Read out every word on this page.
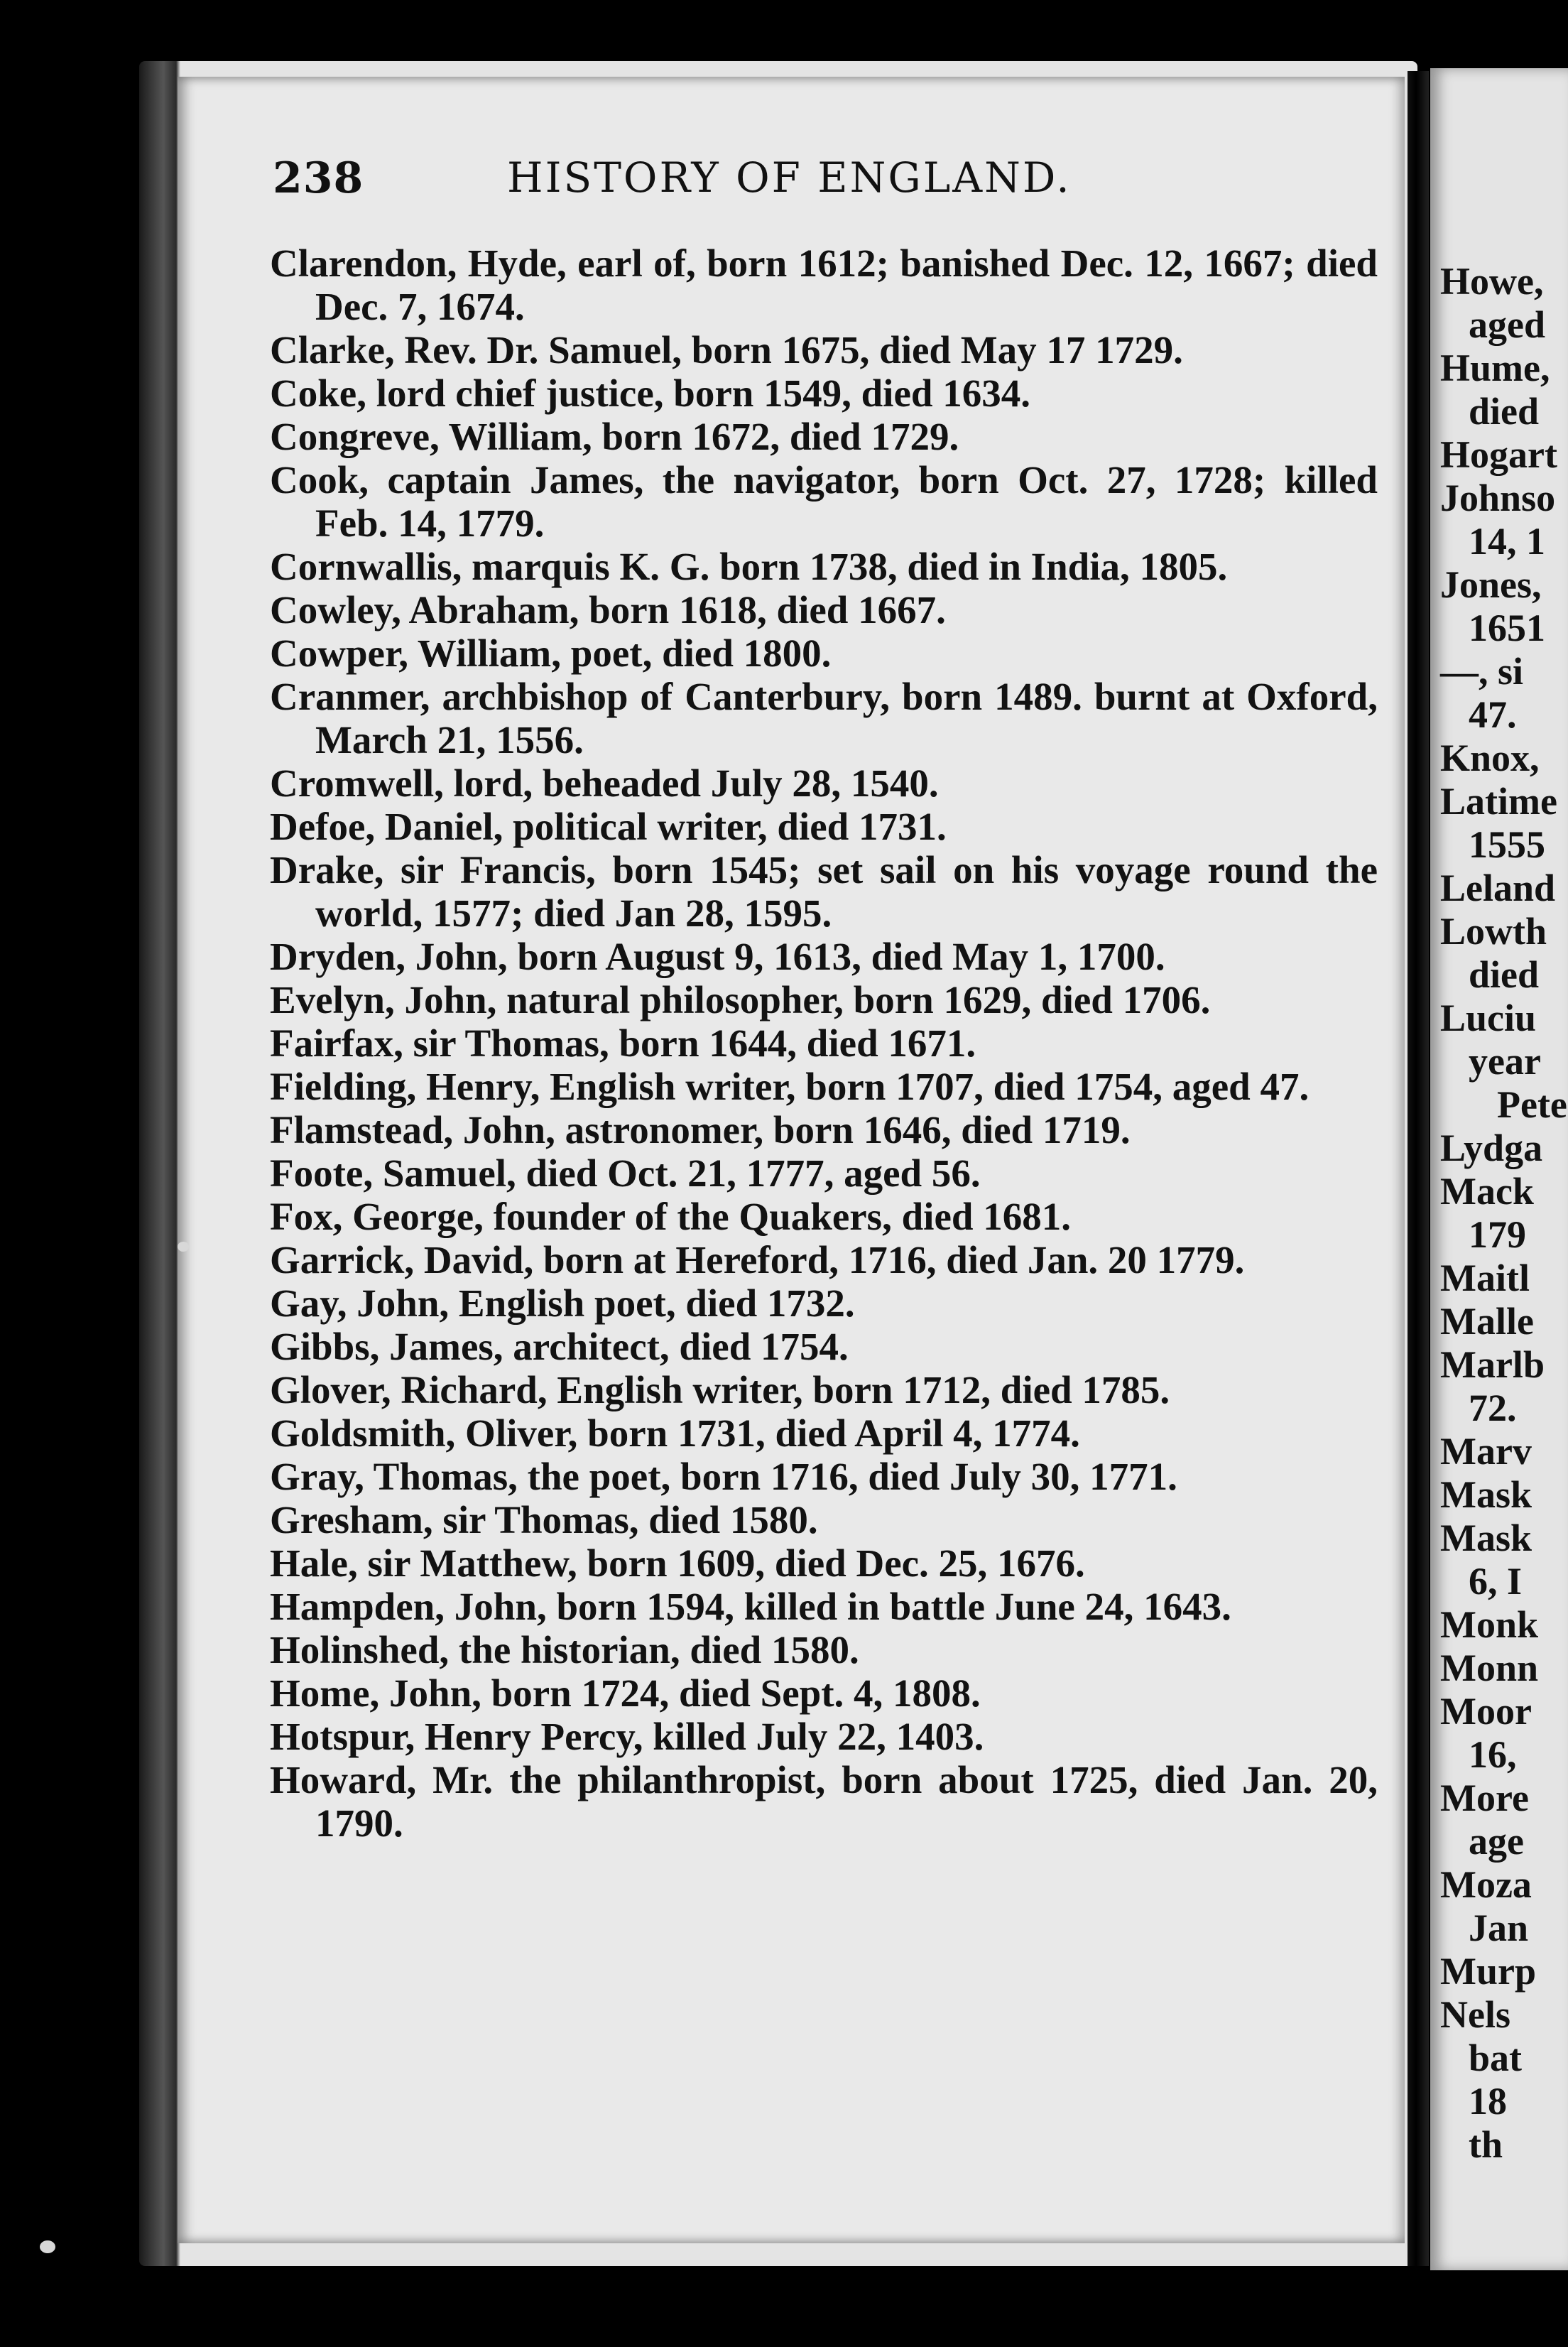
238	HISTORY OF ENGLAND.

Clarendon, Hyde, earl of, born 1612; banished Dec. 12, 1667; died Dec. 7, 1674.

Clarke, Rev. Dr. Samuel, born 1675, died May 17 1729.

Coke, lord chief justice, born 1549, died 1634.

Congreve, William, born 1672, died 1729.

Cook, captain James, the navigator, born Oct. 27, 1728; killed Feb. 14, 1779.

Cornwallis, marquis K. G. born 1738, died in India, 1805.

Cowley, Abraham, born 1618, died 1667.

Cowper, William, poet, died 1800.

Cranmer, archbishop of Canterbury, born 1489. burnt at Oxford, March 21, 1556.

Cromwell, lord, beheaded July 28, 1540.

Defoe, Daniel, political writer, died 1731.

Drake, sir Francis, born 1545; set sail on his voyage round the world, 1577; died Jan 28, 1595.

Dryden, John, born August 9, 1613, died May 1, 1700.

Evelyn, John, natural philosopher, born 1629, died 1706.

Fairfax, sir Thomas, born 1644, died 1671.

Fielding, Henry, English writer, born 1707, died 1754, aged 47.

Flamstead, John, astronomer, born 1646, died 1719.

Foote, Samuel, died Oct. 21, 1777, aged 56.

Fox, George, founder of the Quakers, died 1681.

Garrick, David, born at Hereford, 1716, died Jan. 20 1779.

Gay, John, English poet, died 1732.

Gibbs, James, architect, died 1754.

Glover, Richard, English writer, born 1712, died 1785.

Goldsmith, Oliver, born 1731, died April 4, 1774.

Gray, Thomas, the poet, born 1716, died July 30, 1771.

Gresham, sir Thomas, died 1580.

Hale, sir Matthew, born 1609, died Dec. 25, 1676.

Hampden, John, born 1594, killed in battle June 24, 1643.

Holinshed, the historian, died 1580.

Home, John, born 1724, died Sept. 4, 1808.

Hotspur, Henry Percy, killed July 22, 1403.

Howard, Mr. the philanthropist, born about 1725, died Jan. 20, 1790.

Howe,
aged
Hume,
died
Hogart
Johnso
14, 1
Jones,
1651
—, si
47.
Knox,
Latime
1555
Leland
Lowth
died
Luciu
year
Pete
Lydga
Mack
179
Maitl
Malle
Marlb
72.
Marv
Mask
Mask
6, I
Monk
Monn
Moor
16,
More
age
Moza
Jan
Murp
Nels
bat
18
th
